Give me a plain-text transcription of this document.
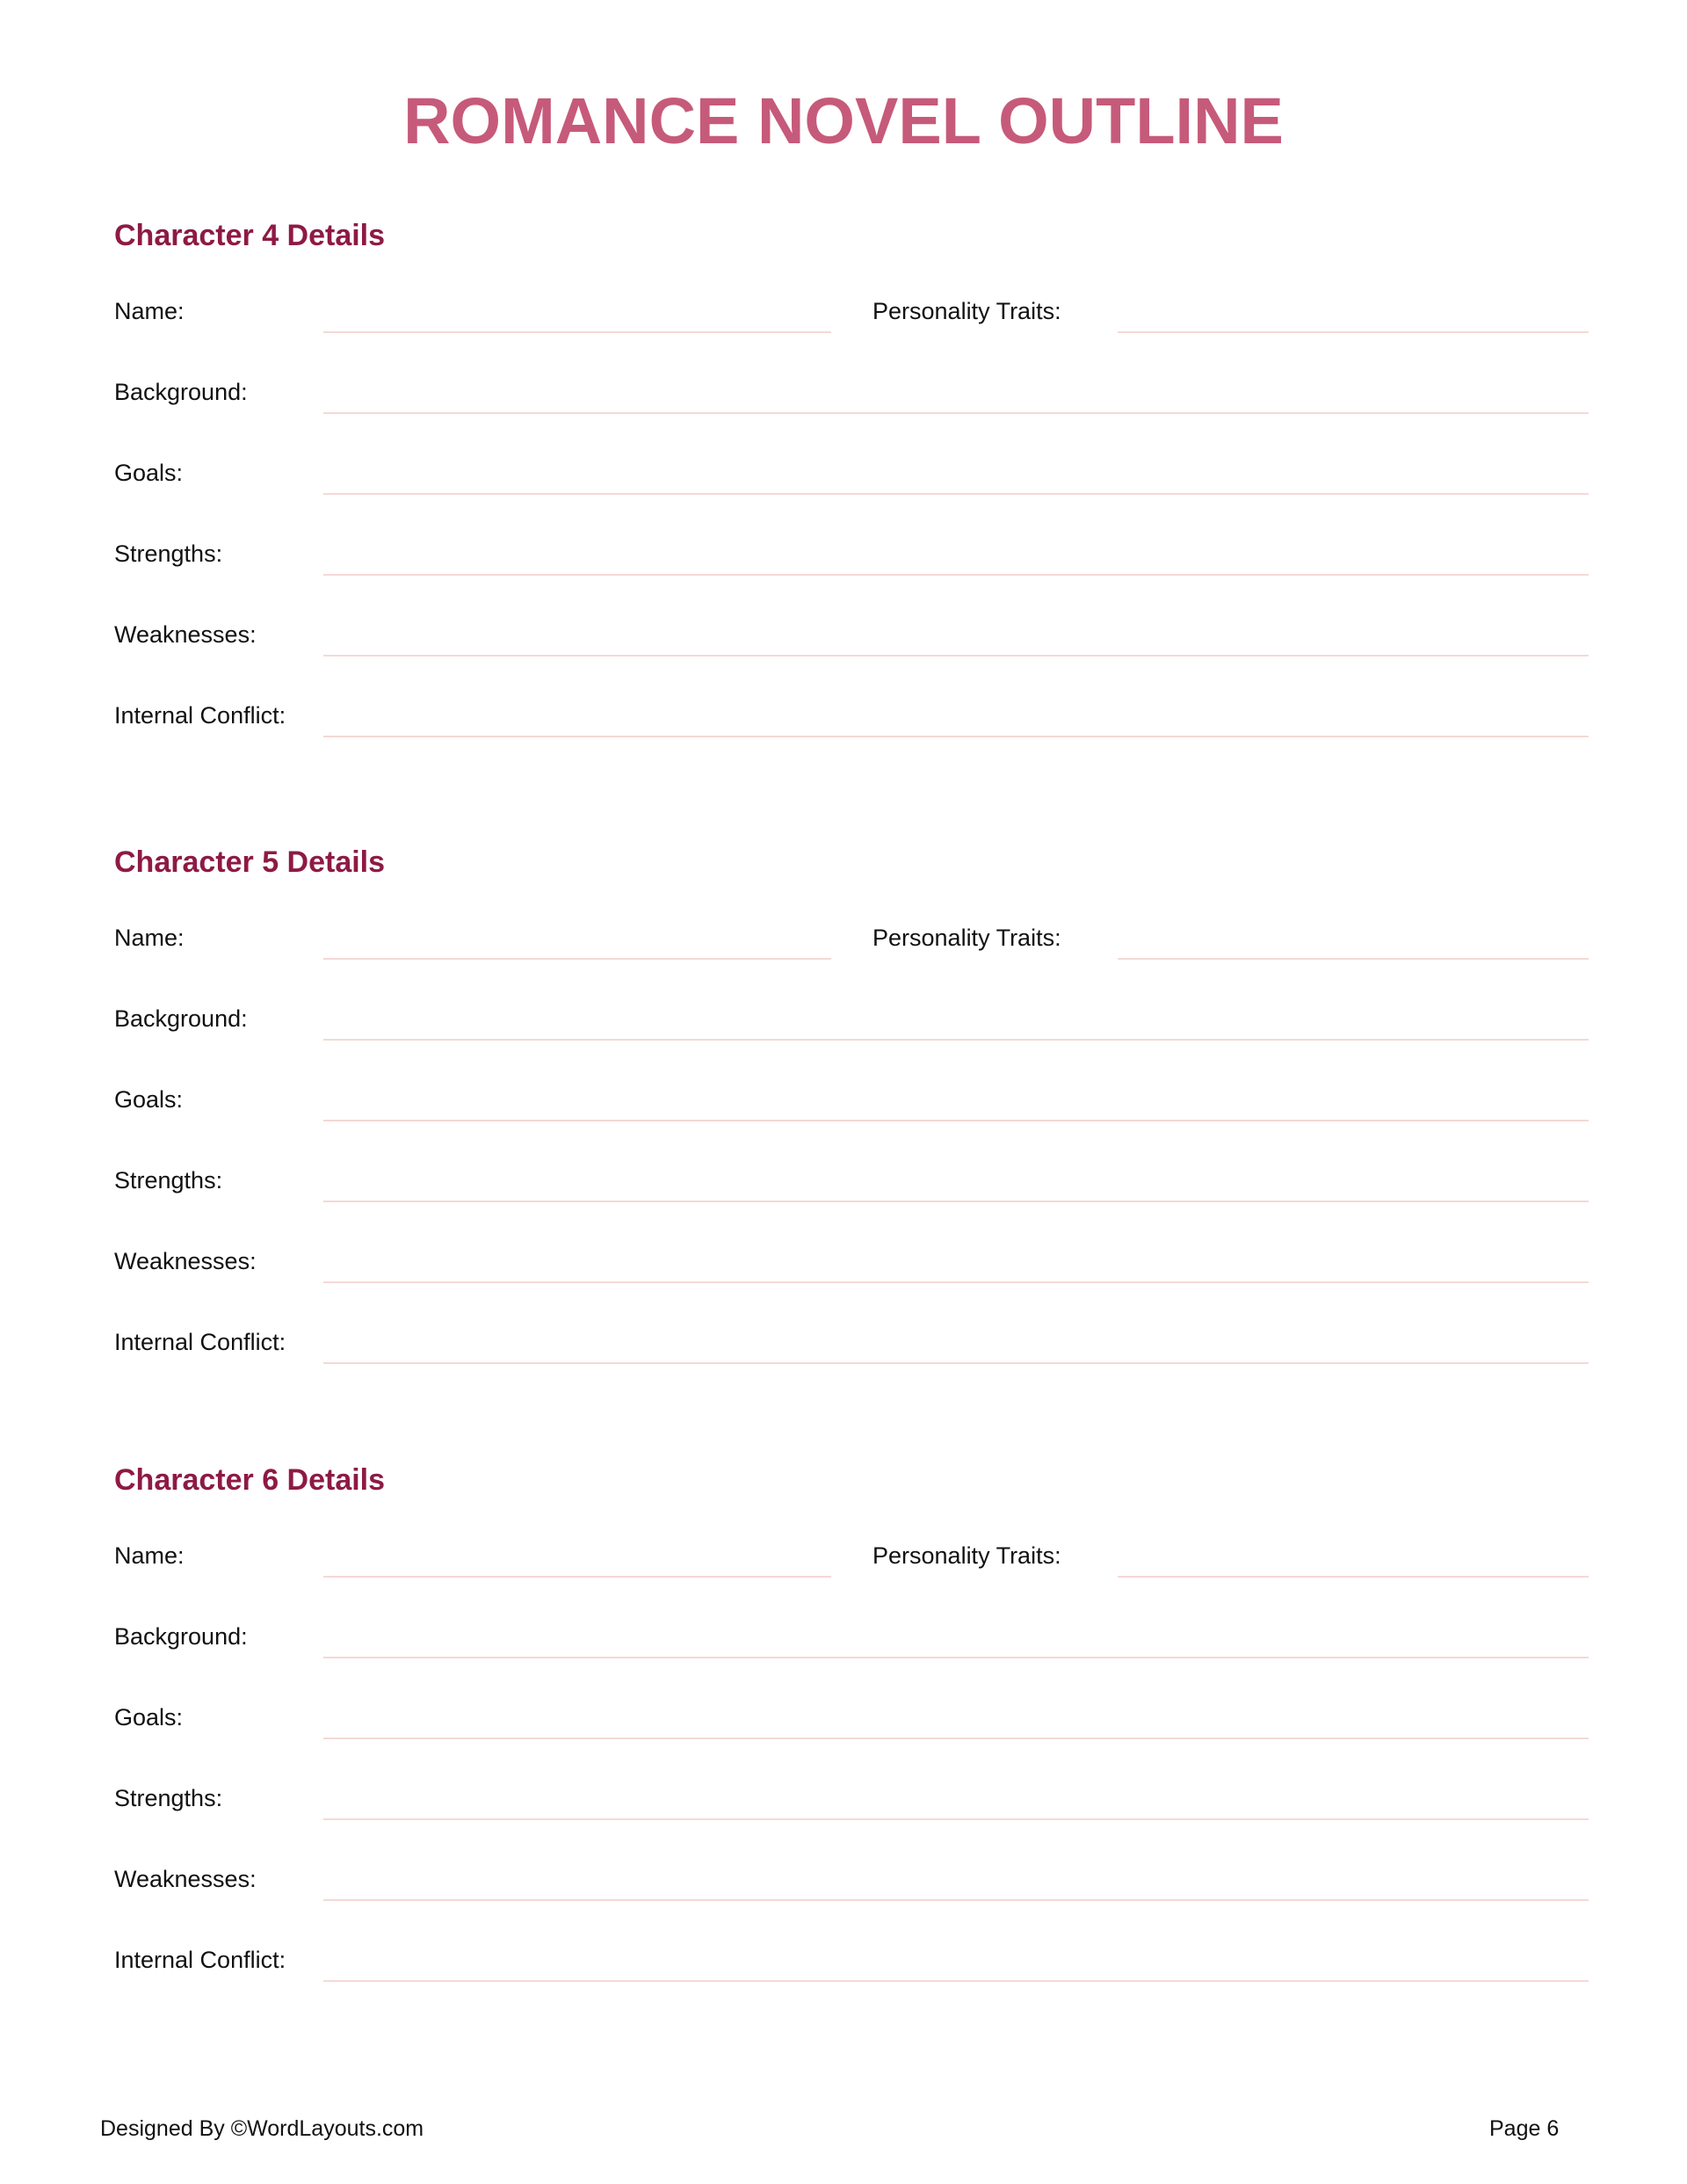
ROMANCE NOVEL OUTLINE
Character 4 Details
Name:	Personality Traits:
Background:
Goals:
Strengths:
Weaknesses:
Internal Conflict:
Character 5 Details
Name:	Personality Traits:
Background:
Goals:
Strengths:
Weaknesses:
Internal Conflict:
Character 6 Details
Name:	Personality Traits:
Background:
Goals:
Strengths:
Weaknesses:
Internal Conflict:
Designed By ©WordLayouts.com	Page 6
